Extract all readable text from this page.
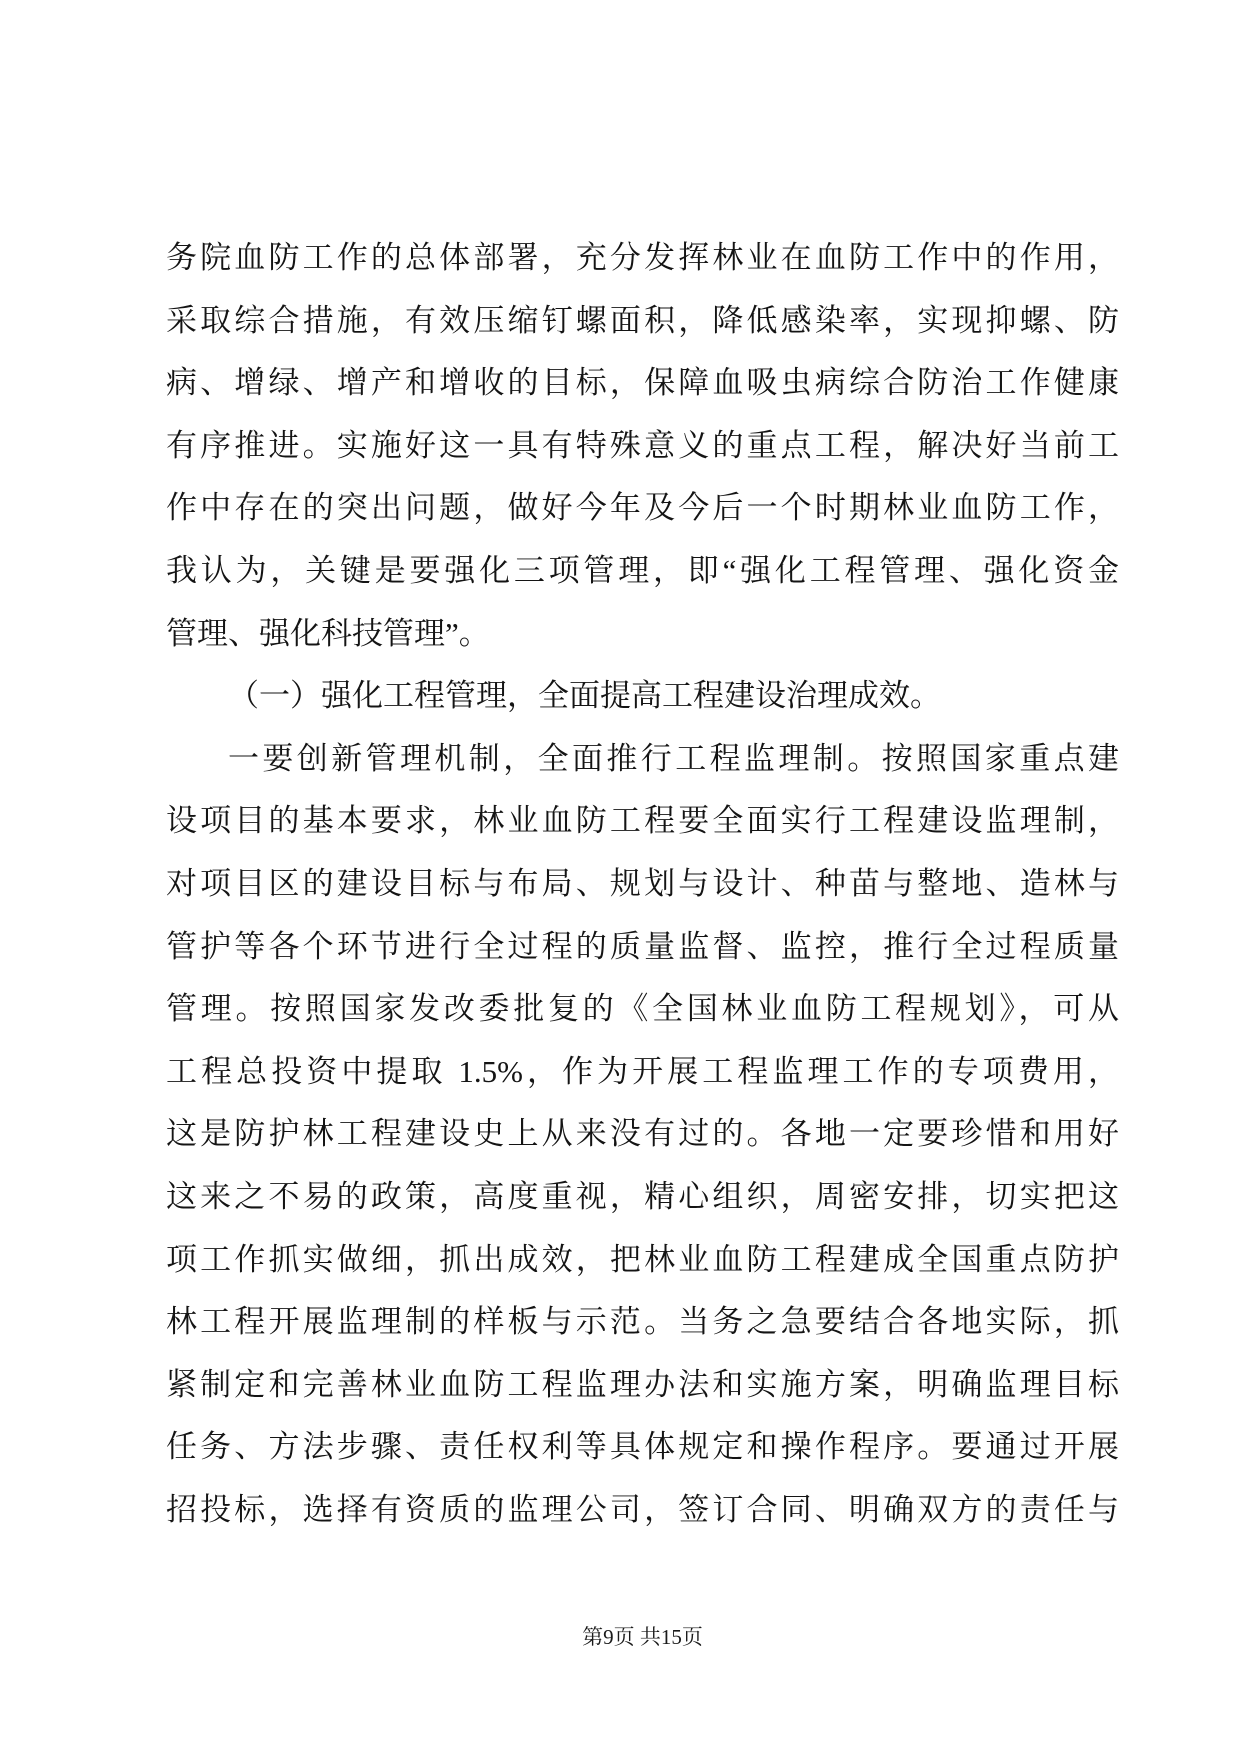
务院血防工作的总体部署，充分发挥林业在血防工作中的作用，
采取综合措施，有效压缩钉螺面积，降低感染率，实现抑螺、防
病、增绿、增产和增收的目标，保障血吸虫病综合防治工作健康
有序推进。实施好这一具有特殊意义的重点工程，解决好当前工
作中存在的突出问题，做好今年及今后一个时期林业血防工作，
我认为，关键是要强化三项管理，即“强化工程管理、强化资金
管理、强化科技管理”。
（一）强化工程管理，全面提高工程建设治理成效。
一要创新管理机制，全面推行工程监理制。按照国家重点建
设项目的基本要求，林业血防工程要全面实行工程建设监理制，
对项目区的建设目标与布局、规划与设计、种苗与整地、造林与
管护等各个环节进行全过程的质量监督、监控，推行全过程质量
管理。按照国家发改委批复的《全国林业血防工程规划》，可从
工程总投资中提取 1.5%，作为开展工程监理工作的专项费用，
这是防护林工程建设史上从来没有过的。各地一定要珍惜和用好
这来之不易的政策，高度重视，精心组织，周密安排，切实把这
项工作抓实做细，抓出成效，把林业血防工程建成全国重点防护
林工程开展监理制的样板与示范。当务之急要结合各地实际，抓
紧制定和完善林业血防工程监理办法和实施方案，明确监理目标
任务、方法步骤、责任权利等具体规定和操作程序。要通过开展
招投标，选择有资质的监理公司，签订合同、明确双方的责任与
第9页 共15页
